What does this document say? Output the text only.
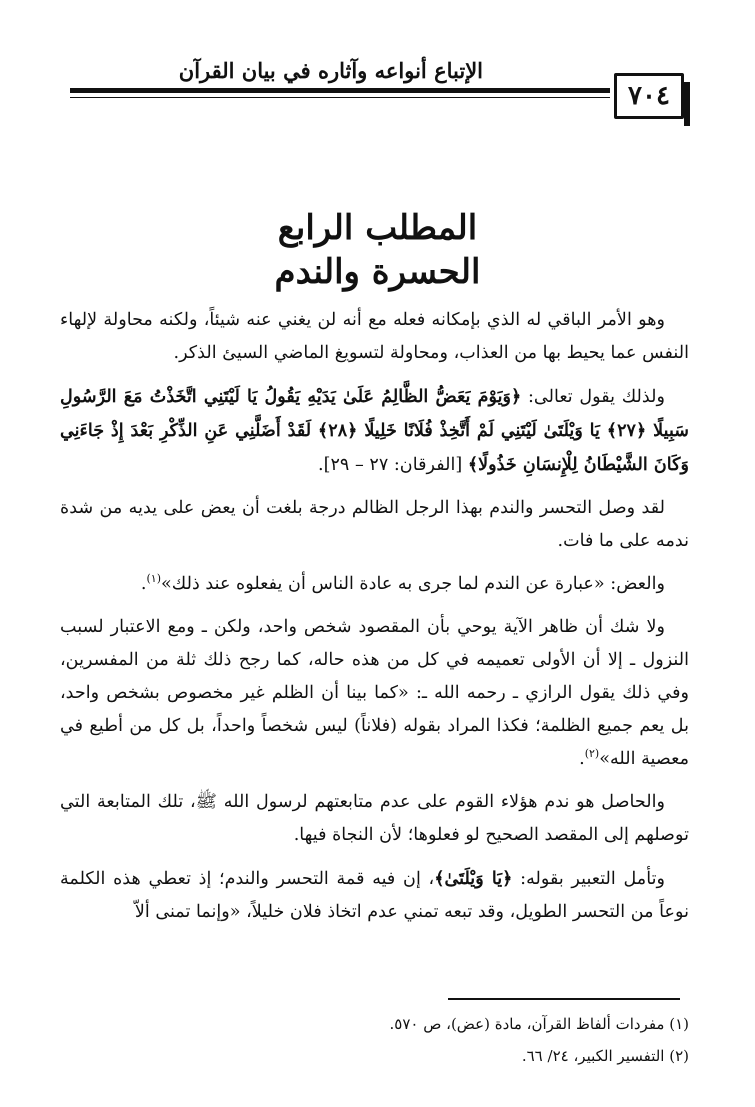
الإتباع أنواعه وآثاره في بيان القرآن
٧٠٤
المطلب الرابع
الحسرة والندم

وهو الأمر الباقي له الذي بإمكانه فعله مع أنه لن يغني عنه شيئاً، ولكنه محاولة لإلهاء النفس عما يحيط بها من العذاب، ومحاولة لتسويغ الماضي السيئ الذكر.

ولذلك يقول تعالى: ﴿وَيَوْمَ يَعَضُّ الظَّالِمُ عَلَىٰ يَدَيْهِ يَقُولُ يَا لَيْتَنِي اتَّخَذْتُ مَعَ الرَّسُولِ سَبِيلًا ﴿٢٧﴾ يَا وَيْلَتَىٰ لَيْتَنِي لَمْ أَتَّخِذْ فُلَانًا خَلِيلًا ﴿٢٨﴾ لَقَدْ أَضَلَّنِي عَنِ الذِّكْرِ بَعْدَ إِذْ جَاءَنِي وَكَانَ الشَّيْطَانُ لِلْإِنسَانِ خَذُولًا﴾ [الفرقان: ٢٧ – ٢٩].

لقد وصل التحسر والندم بهذا الرجل الظالم درجة بلغت أن يعض على يديه من شدة ندمه على ما فات.

والعض: «عبارة عن الندم لما جرى به عادة الناس أن يفعلوه عند ذلك»$^{(١)}$.

ولا شك أن ظاهر الآية يوحي بأن المقصود شخص واحد، ولكن ـ ومع الاعتبار لسبب النزول ـ إلا أن الأولى تعميمه في كل من هذه حاله، كما رجح ذلك ثلة من المفسرين، وفي ذلك يقول الرازي ـ رحمه الله ـ: «كما بينا أن الظلم غير مخصوص بشخص واحد، بل يعم جميع الظلمة؛ فكذا المراد بقوله (فلاناً) ليس شخصاً واحداً، بل كل من أطيع في معصية الله»$^{(٢)}$.

والحاصل هو ندم هؤلاء القوم على عدم متابعتهم لرسول الله ﷺ، تلك المتابعة التي توصلهم إلى المقصد الصحيح لو فعلوها؛ لأن النجاة فيها.

وتأمل التعبير بقوله: ﴿يَا وَيْلَتَىٰ﴾، إن فيه قمة التحسر والندم؛ إذ تعطي هذه الكلمة نوعاً من التحسر الطويل، وقد تبعه تمني عدم اتخاذ فلان خليلاً، «وإنما تمنى ألاّ

(١) مفردات ألفاظ القرآن، مادة (عض)، ص ٥٧٠.
(٢) التفسير الكبير، ٢٤/ ٦٦.
